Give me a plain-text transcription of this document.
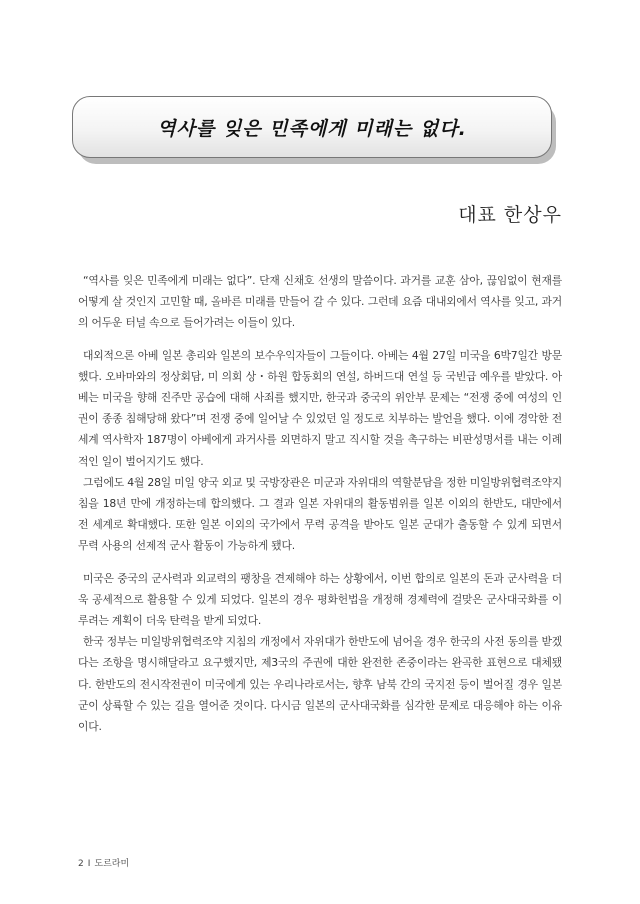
역사를 잊은 민족에게 미래는 없다.
대표 한상우

“역사를 잊은 민족에게 미래는 없다”. 단재 신채호 선생의 말씀이다. 과거를 교훈 삼아, 끊임없이 현재를 어떻게 살 것인지 고민할 때, 올바른 미래를 만들어 갈 수 있다. 그런데 요즘 대내외에서 역사를 잊고, 과거의 어두운 터널 속으로 들어가려는 이들이 있다.

대외적으론 아베 일본 총리와 일본의 보수우익자들이 그들이다. 아베는 4월 27일 미국을 6박7일간 방문했다. 오바마와의 정상회담, 미 의회 상・하원 합동회의 연설, 하버드대 연설 등 국빈급 예우를 받았다. 아베는 미국을 향해 진주만 공습에 대해 사죄를 했지만, 한국과 중국의 위안부 문제는 “전쟁 중에 여성의 인권이 종종 침해당해 왔다”며 전쟁 중에 일어날 수 있었던 일 정도로 치부하는 발언을 했다. 이에 경악한 전 세계 역사학자 187명이 아베에게 과거사를 외면하지 말고 직시할 것을 촉구하는 비판성명서를 내는 이례적인 일이 벌어지기도 했다.

그럼에도 4월 28일 미일 양국 외교 및 국방장관은 미군과 자위대의 역할분담을 정한 미일방위협력조약지침을 18년 만에 개정하는데 합의했다. 그 결과 일본 자위대의 활동범위를 일본 이외의 한반도, 대만에서 전 세계로 확대했다. 또한 일본 이외의 국가에서 무력 공격을 받아도 일본 군대가 출동할 수 있게 되면서 무력 사용의 선제적 군사 활동이 가능하게 됐다.

미국은 중국의 군사력과 외교력의 팽창을 견제해야 하는 상황에서, 이번 합의로 일본의 돈과 군사력을 더욱 공세적으로 활용할 수 있게 되었다. 일본의 경우 평화헌법을 개정해 경제력에 걸맞은 군사대국화를 이루려는 계획이 더욱 탄력을 받게 되었다.

한국 정부는 미일방위협력조약 지침의 개정에서 자위대가 한반도에 넘어올 경우 한국의 사전 동의를 받겠다는 조항을 명시해달라고 요구했지만, 제3국의 주권에 대한 완전한 존중이라는 완곡한 표현으로 대체됐다. 한반도의 전시작전권이 미국에게 있는 우리나라로서는, 향후 남북 간의 국지전 등이 벌어질 경우 일본군이 상륙할 수 있는 길을 열어준 것이다. 다시금 일본의 군사대국화를 심각한 문제로 대응해야 하는 이유이다.

2 I 도르라미
